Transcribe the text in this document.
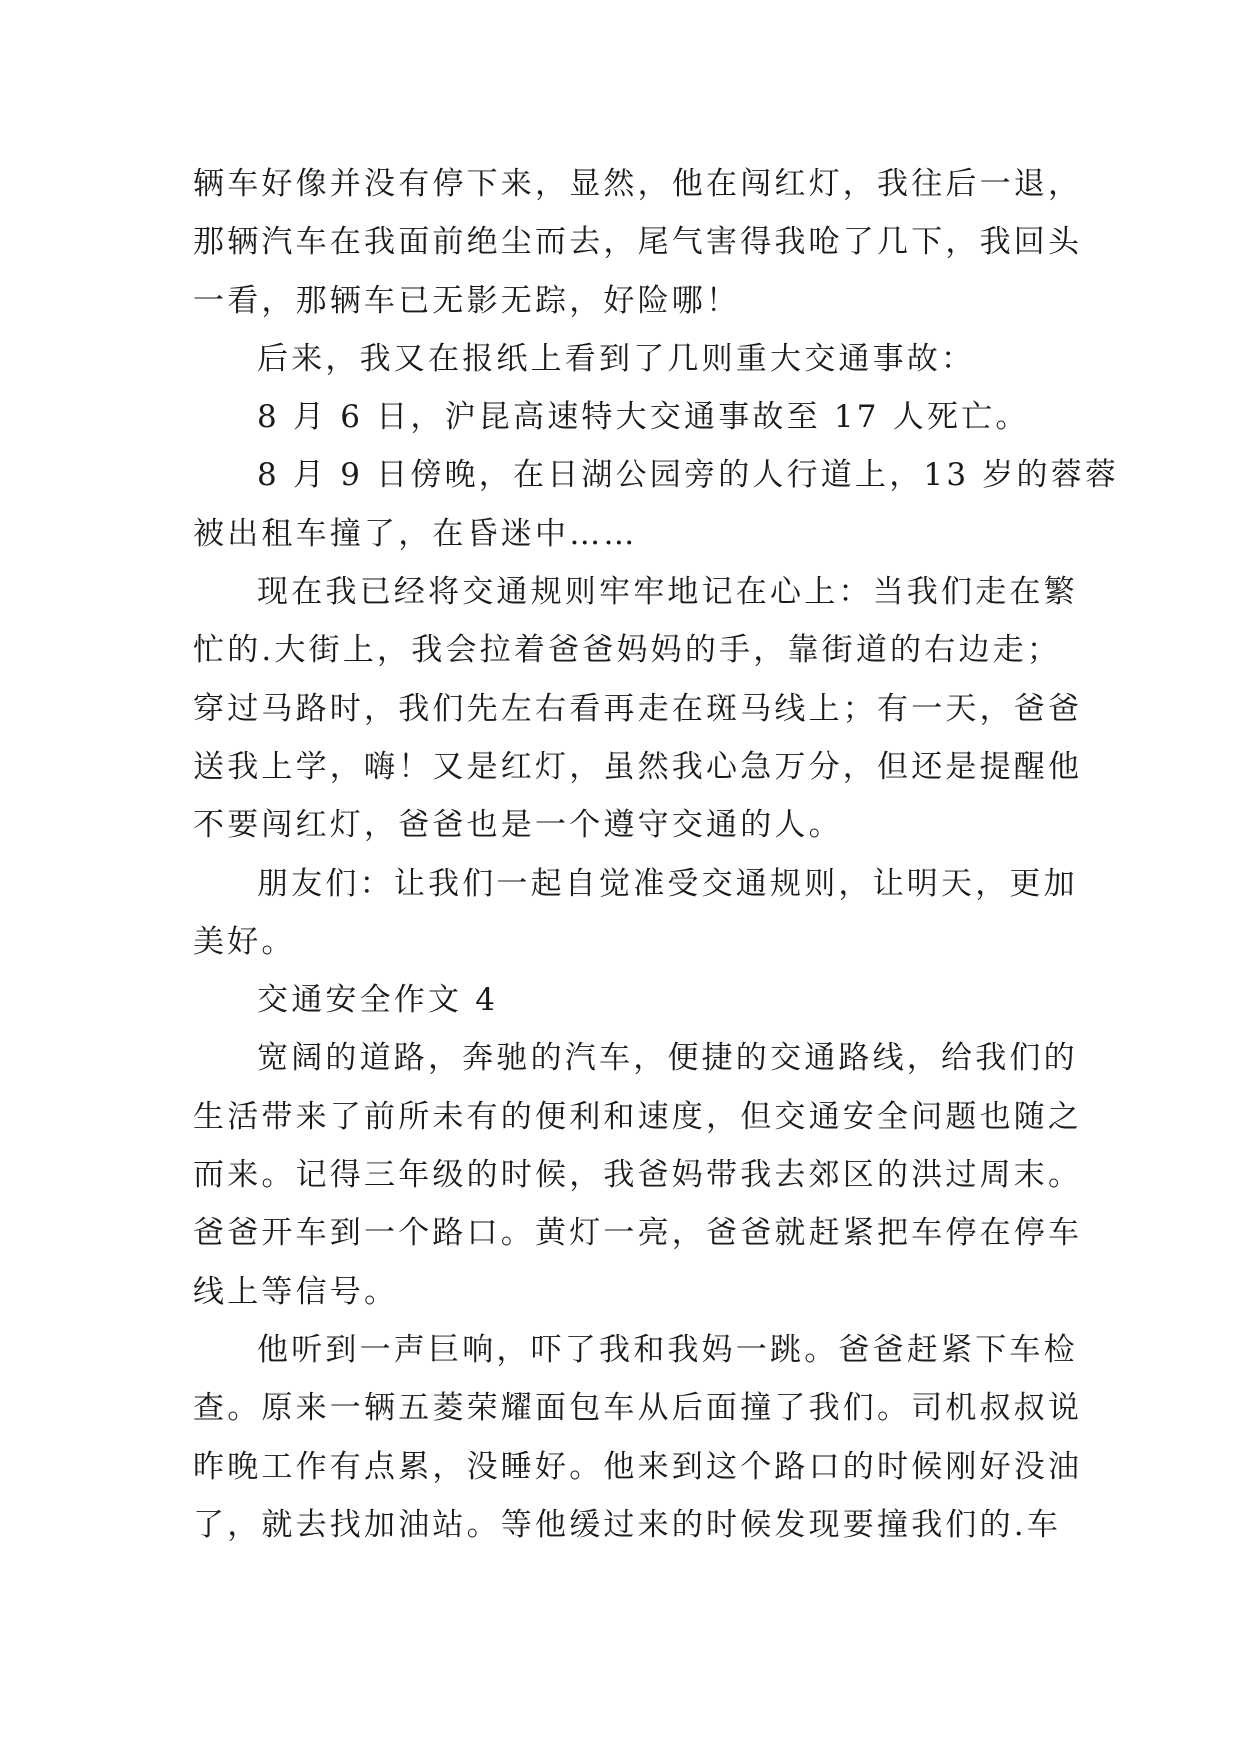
辆车好像并没有停下来，显然，他在闯红灯，我往后一退，
那辆汽车在我面前绝尘而去，尾气害得我呛了几下，我回头
一看，那辆车已无影无踪，好险哪！
后来，我又在报纸上看到了几则重大交通事故：
8 月 6 日，沪昆高速特大交通事故至 17 人死亡。
8 月 9 日傍晚，在日湖公园旁的人行道上，13 岁的蓉蓉
被出租车撞了，在昏迷中……
现在我已经将交通规则牢牢地记在心上：当我们走在繁
忙的.大街上，我会拉着爸爸妈妈的手，靠街道的右边走；
穿过马路时，我们先左右看再走在斑马线上；有一天，爸爸
送我上学，嗨！又是红灯，虽然我心急万分，但还是提醒他
不要闯红灯，爸爸也是一个遵守交通的人。
朋友们：让我们一起自觉准受交通规则，让明天，更加
美好。
交通安全作文 4
宽阔的道路，奔驰的汽车，便捷的交通路线，给我们的
生活带来了前所未有的便利和速度，但交通安全问题也随之
而来。记得三年级的时候，我爸妈带我去郊区的洪过周末。
爸爸开车到一个路口。黄灯一亮，爸爸就赶紧把车停在停车
线上等信号。
他听到一声巨响，吓了我和我妈一跳。爸爸赶紧下车检
查。原来一辆五菱荣耀面包车从后面撞了我们。司机叔叔说
昨晚工作有点累，没睡好。他来到这个路口的时候刚好没油
了，就去找加油站。等他缓过来的时候发现要撞我们的.车
